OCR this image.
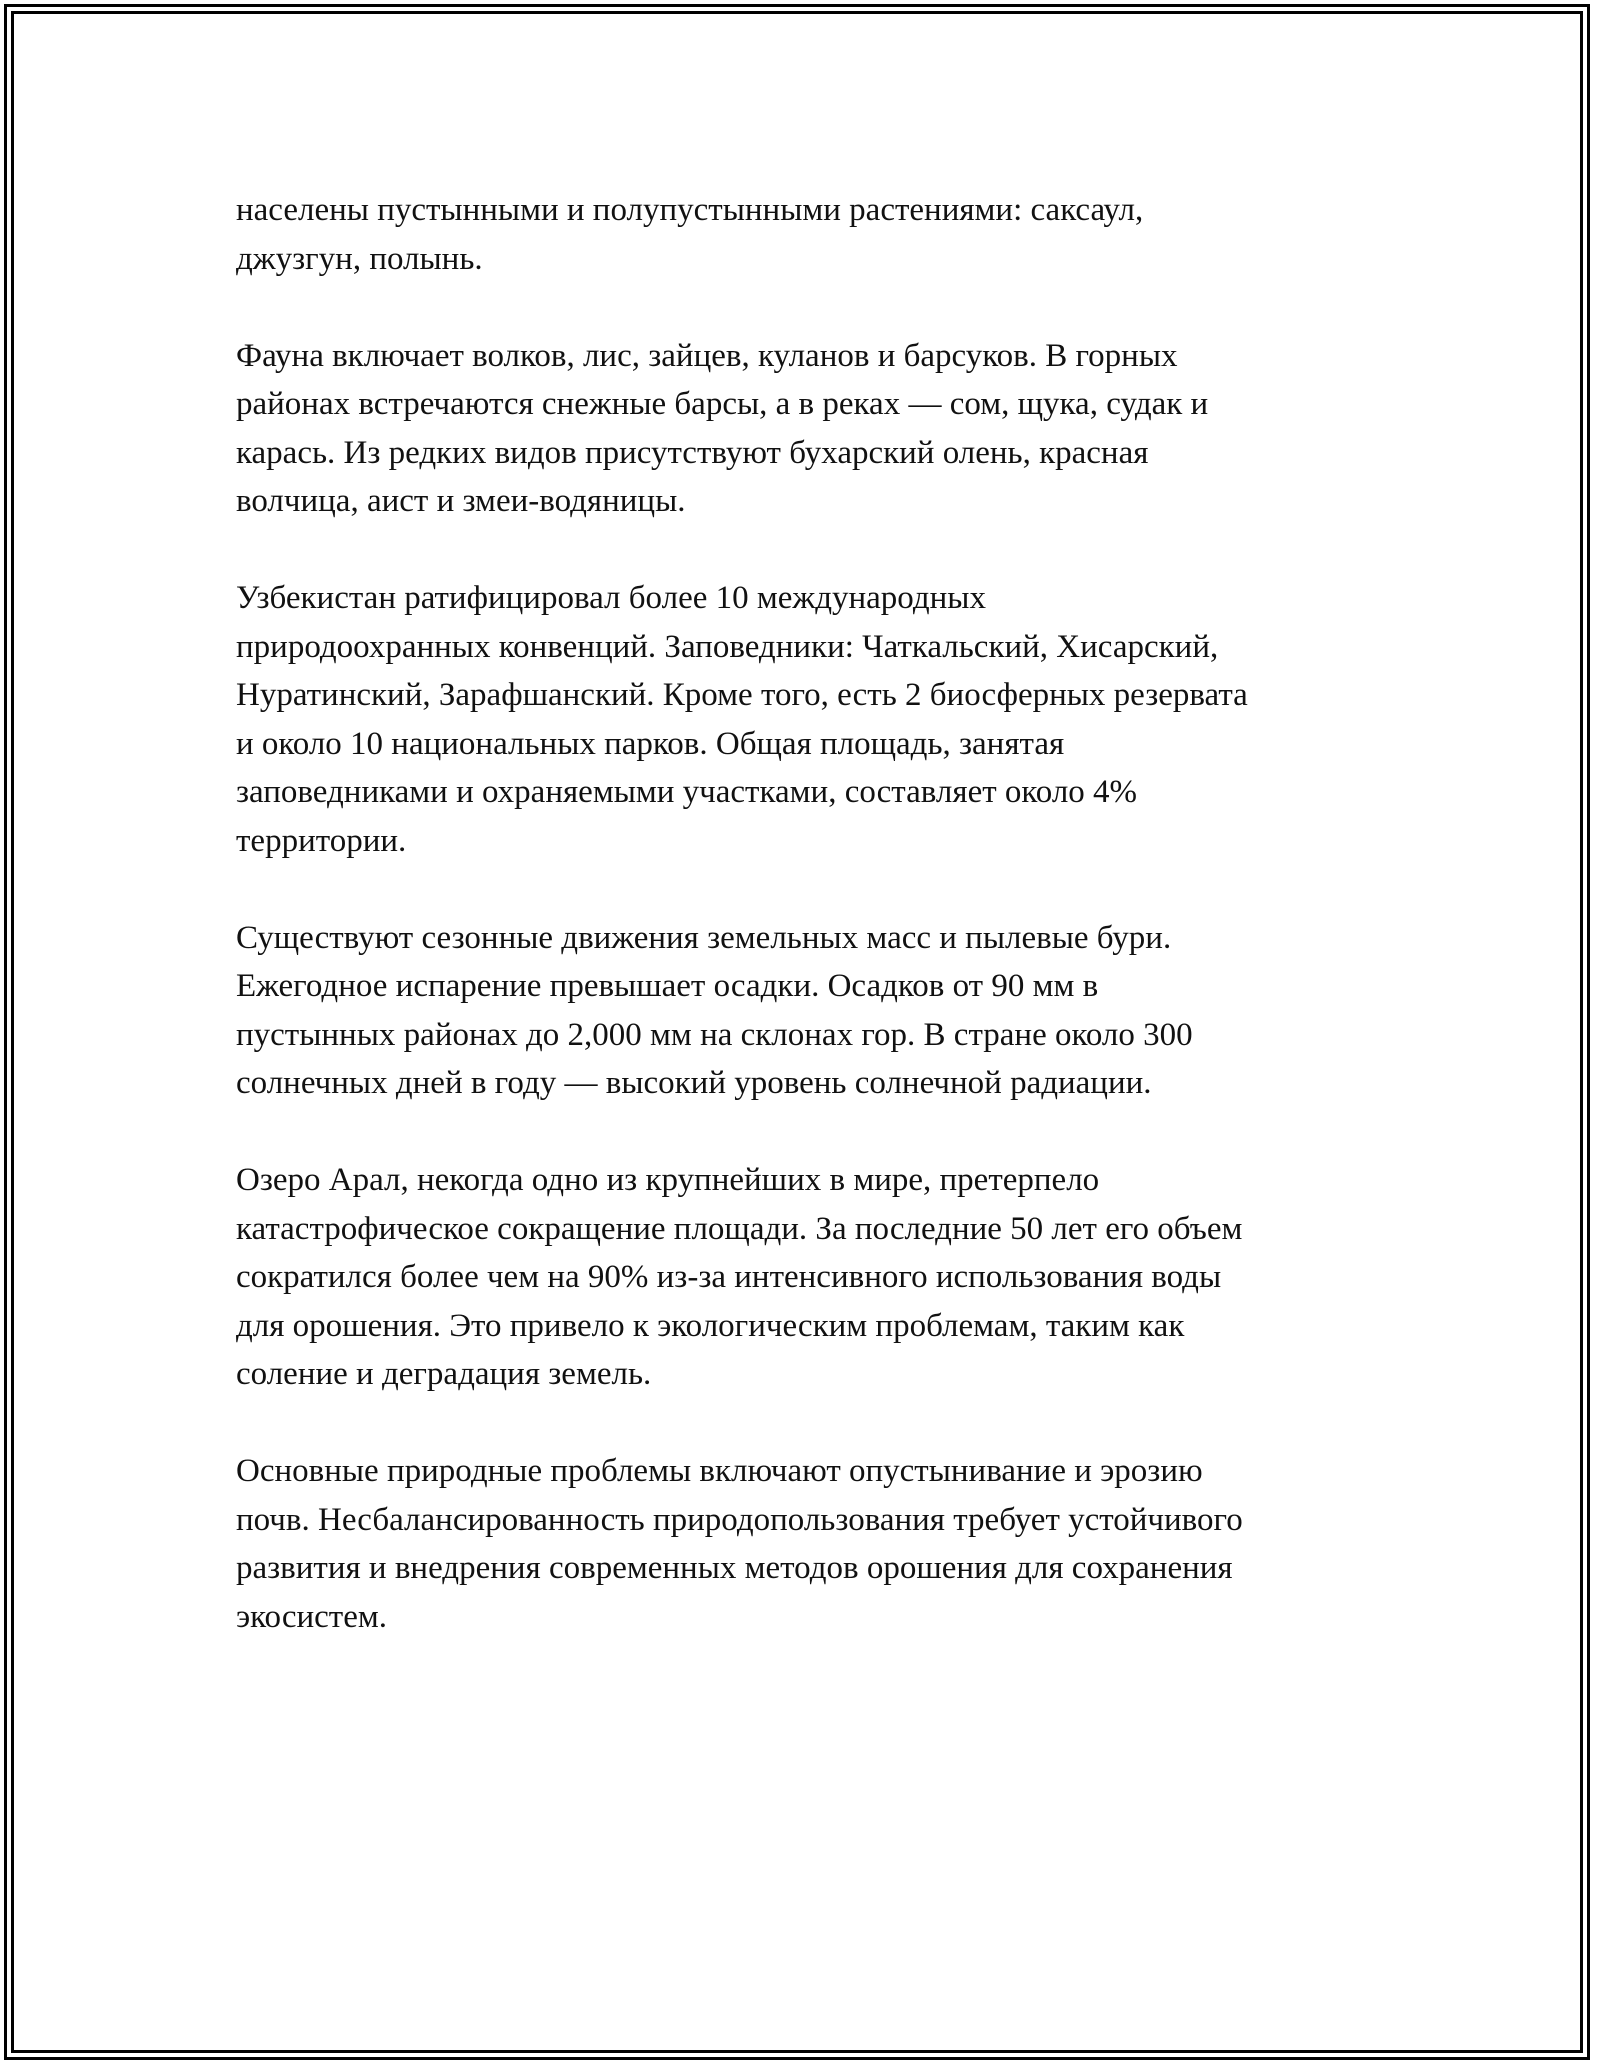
населены пустынными и полупустынными растениями: саксаул,
джузгун, полынь.

Фауна включает волков, лис, зайцев, куланов и барсуков. В горных
районах встречаются снежные барсы, а в реках — сом, щука, судак и
карась. Из редких видов присутствуют бухарский олень, красная
волчица, аист и змеи-водяницы.

Узбекистан ратифицировал более 10 международных
природоохранных конвенций. Заповедники: Чаткальский, Хисарский,
Нуратинский, Зарафшанский. Кроме того, есть 2 биосферных резервата
и около 10 национальных парков. Общая площадь, занятая
заповедниками и охраняемыми участками, составляет около 4%
территории.

Существуют сезонные движения земельных масс и пылевые бури.
Ежегодное испарение превышает осадки. Осадков от 90 мм в
пустынных районах до 2,000 мм на склонах гор. В стране около 300
солнечных дней в году — высокий уровень солнечной радиации.

Озеро Арал, некогда одно из крупнейших в мире, претерпело
катастрофическое сокращение площади. За последние 50 лет его объем
сократился более чем на 90% из-за интенсивного использования воды
для орошения. Это привело к экологическим проблемам, таким как
соление и деградация земель.

Основные природные проблемы включают опустынивание и эрозию
почв. Несбалансированность природопользования требует устойчивого
развития и внедрения современных методов орошения для сохранения
экосистем.
